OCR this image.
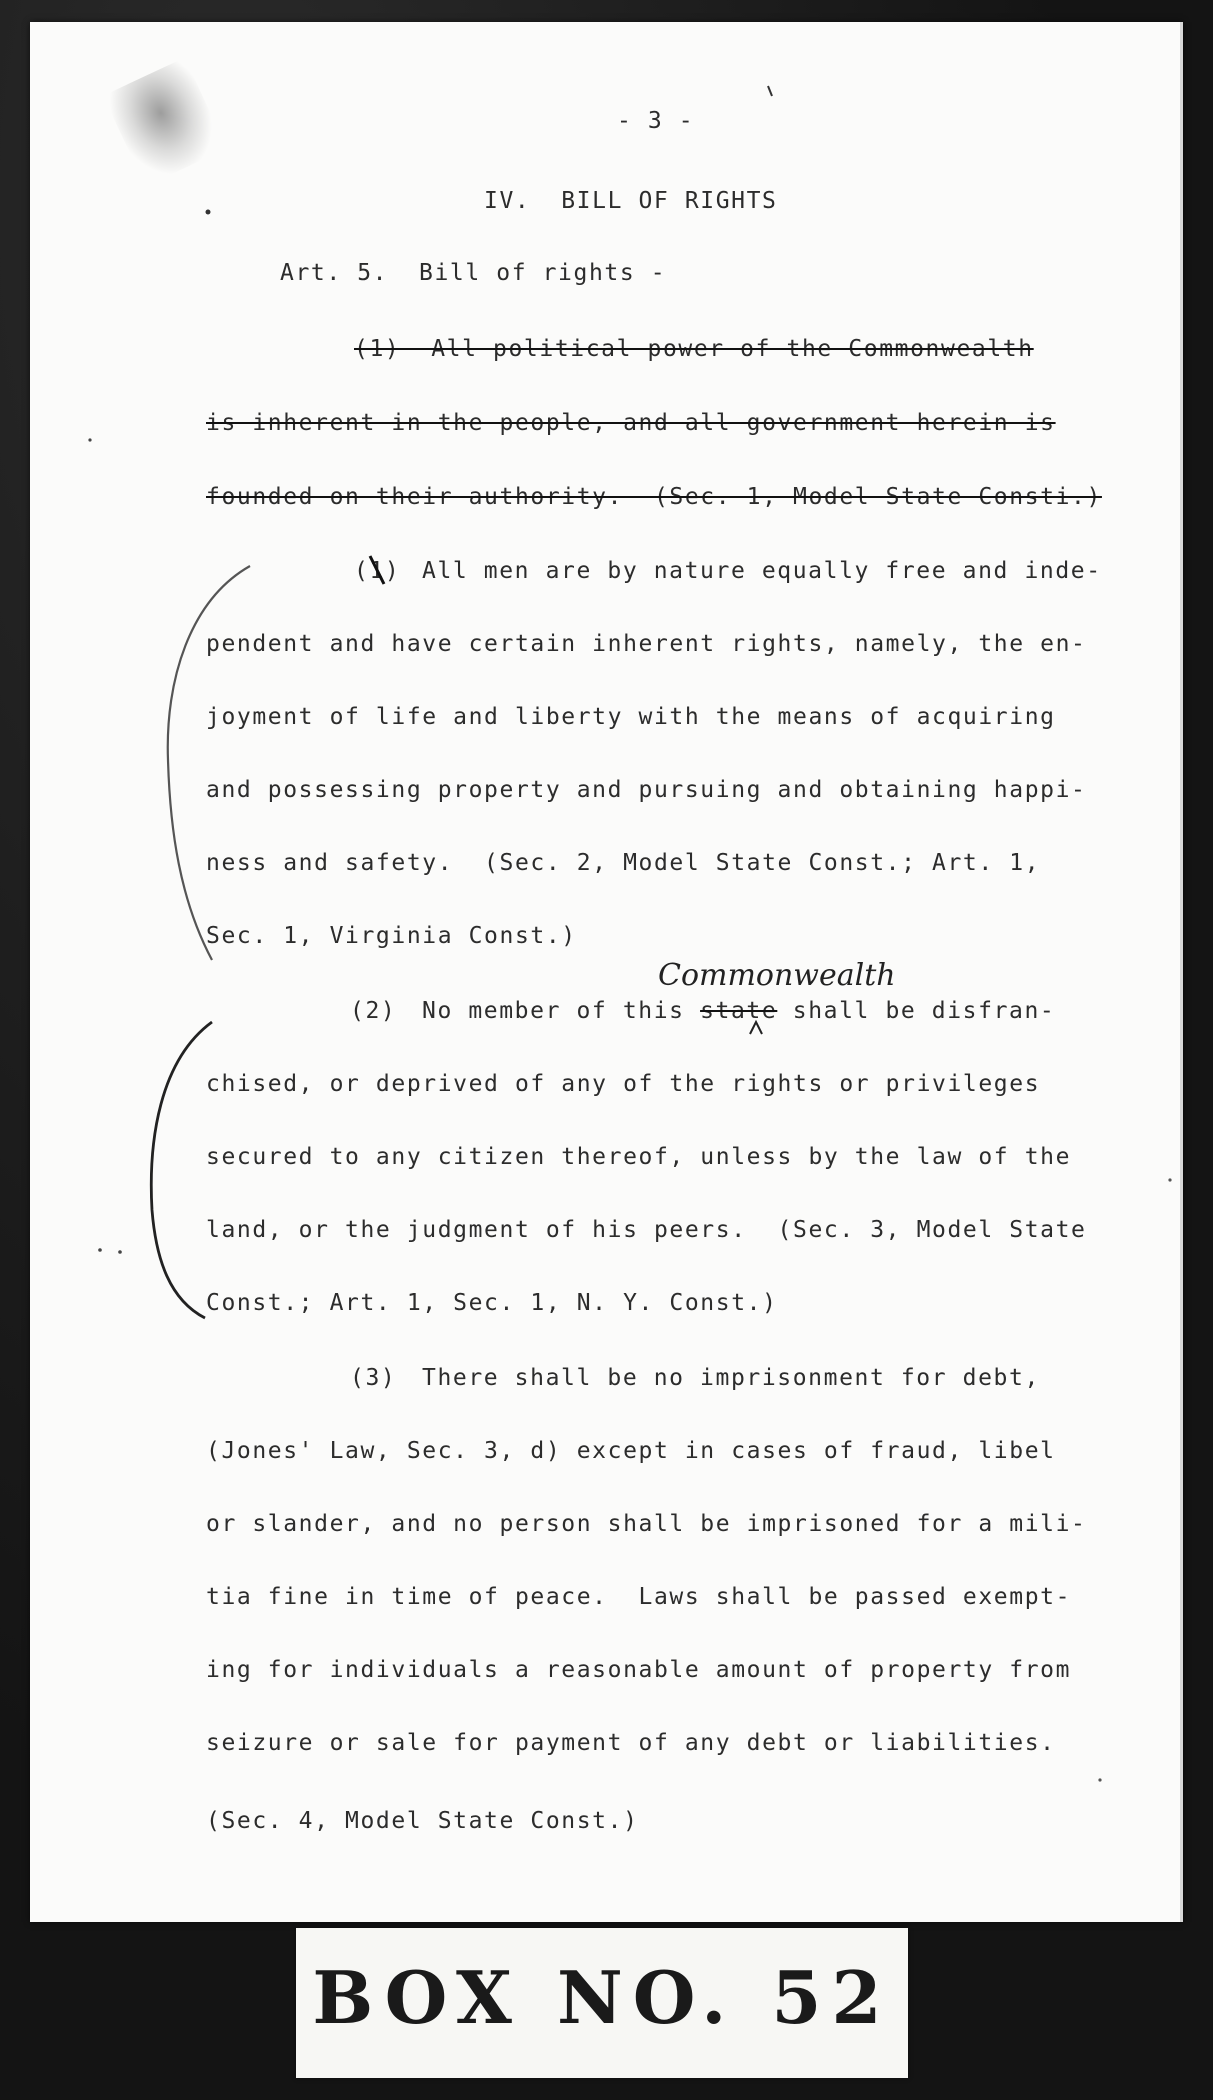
- 3 -
IV.  BILL OF RIGHTS
Art. 5.  Bill of rights -
(1)  All political power of the Commonwealth
is inherent in the people, and all government herein is
founded on their authority.  (Sec. 1, Model State Consti.)
(1) All men are by nature equally free and inde-
pendent and have certain inherent rights, namely, the en-
joyment of life and liberty with the means of acquiring
and possessing property and pursuing and obtaining happi-
ness and safety.  (Sec. 2, Model State Const.; Art. 1,
Sec. 1, Virginia Const.)
Commonwealth
(2) No member of this state shall be disfran-
chised, or deprived of any of the rights or privileges
secured to any citizen thereof, unless by the law of the
land, or the judgment of his peers.  (Sec. 3, Model State
Const.; Art. 1, Sec. 1, N. Y. Const.)
(3) There shall be no imprisonment for debt,
(Jones' Law, Sec. 3, d) except in cases of fraud, libel
or slander, and no person shall be imprisoned for a mili-
tia fine in time of peace.  Laws shall be passed exempt-
ing for individuals a reasonable amount of property from
seizure or sale for payment of any debt or liabilities.
(Sec. 4, Model State Const.)
BOX NO. 52
